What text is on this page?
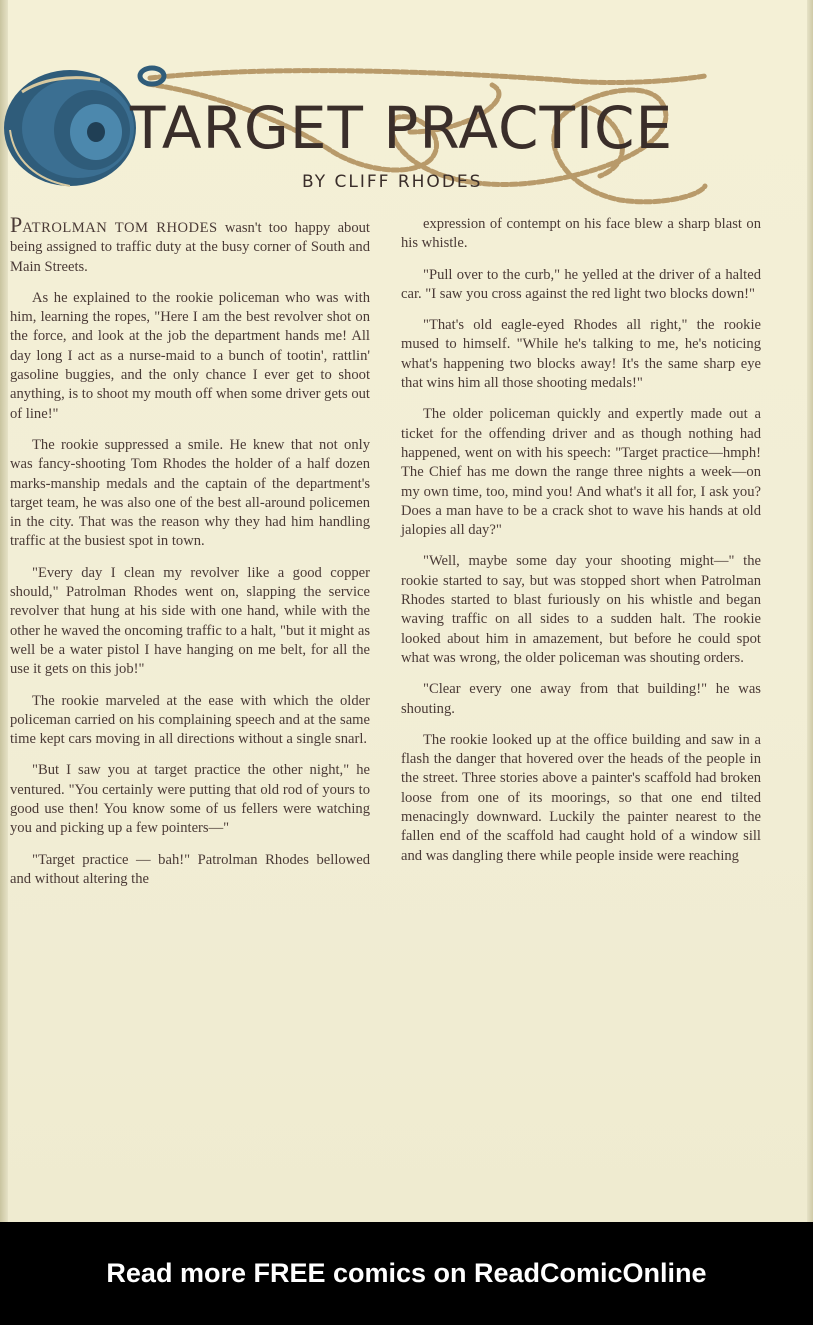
TARGET PRACTICE
BY CLIFF RHODES

PATROLMAN TOM RHODES wasn't too happy about being assigned to traffic duty at the busy corner of South and Main Streets.

As he explained to the rookie policeman who was with him, learning the ropes, "Here I am the best revolver shot on the force, and look at the job the department hands me! All day long I act as a nurse-maid to a bunch of tootin', rattlin' gasoline buggies, and the only chance I ever get to shoot anything, is to shoot my mouth off when some driver gets out of line!"

The rookie suppressed a smile. He knew that not only was fancy-shooting Tom Rhodes the holder of a half dozen marks-manship medals and the captain of the department's target team, he was also one of the best all-around policemen in the city. That was the reason why they had him handling traffic at the busiest spot in town.

"Every day I clean my revolver like a good copper should," Patrolman Rhodes went on, slapping the service revolver that hung at his side with one hand, while with the other he waved the oncoming traffic to a halt, "but it might as well be a water pistol I have hanging on me belt, for all the use it gets on this job!"

The rookie marveled at the ease with which the older policeman carried on his complaining speech and at the same time kept cars moving in all directions without a single snarl.

"But I saw you at target practice the other night," he ventured. "You certainly were putting that old rod of yours to good use then! You know some of us fellers were watching you and picking up a few pointers—"

"Target practice — bah!" Patrolman Rhodes bellowed and without altering the

expression of contempt on his face blew a sharp blast on his whistle.

"Pull over to the curb," he yelled at the driver of a halted car. "I saw you cross against the red light two blocks down!"

"That's old eagle-eyed Rhodes all right," the rookie mused to himself. "While he's talking to me, he's noticing what's happening two blocks away! It's the same sharp eye that wins him all those shooting medals!"

The older policeman quickly and expertly made out a ticket for the offending driver and as though nothing had happened, went on with his speech: "Target practice—hmph! The Chief has me down the range three nights a week—on my own time, too, mind you! And what's it all for, I ask you? Does a man have to be a crack shot to wave his hands at old jalopies all day?"

"Well, maybe some day your shooting might—" the rookie started to say, but was stopped short when Patrolman Rhodes started to blast furiously on his whistle and began waving traffic on all sides to a sudden halt. The rookie looked about him in amazement, but before he could spot what was wrong, the older policeman was shouting orders.

"Clear every one away from that building!" he was shouting.

The rookie looked up at the office building and saw in a flash the danger that hovered over the heads of the people in the street. Three stories above a painter's scaffold had broken loose from one of its moorings, so that one end tilted menacingly downward. Luckily the painter nearest to the fallen end of the scaffold had caught hold of a window sill and was dangling there while people inside were reaching

Read more FREE comics on ReadComicOnline
